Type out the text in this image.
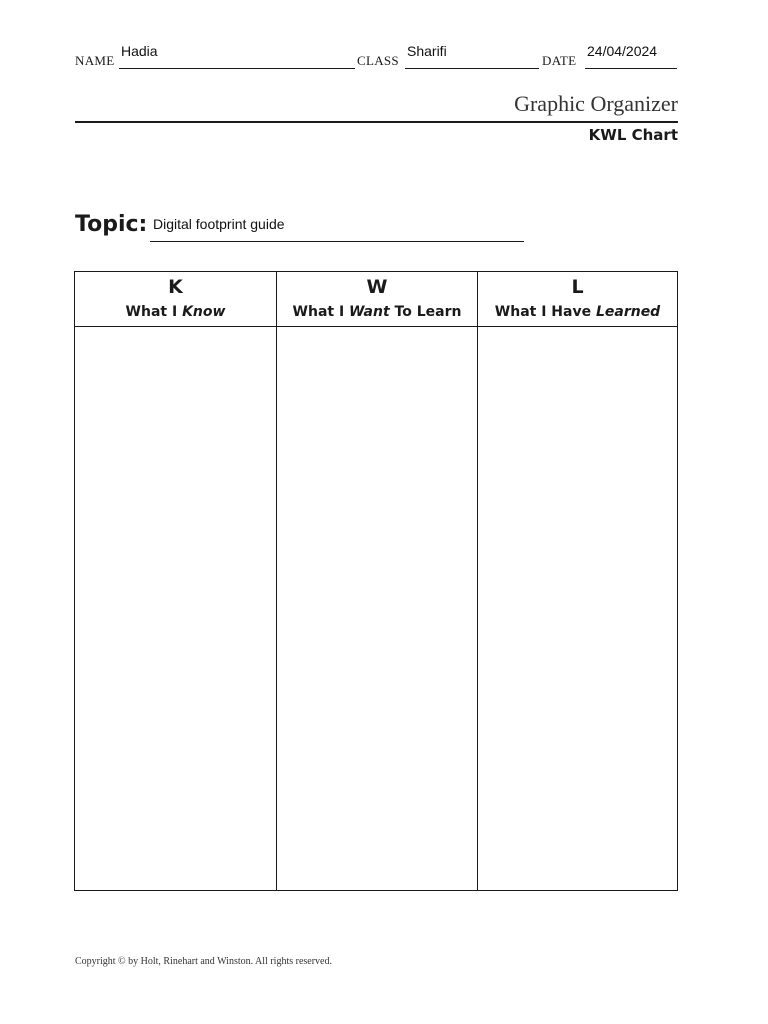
NAME
Hadia
CLASS
Sharifi
DATE
24/04/2024
Graphic Organizer
KWL Chart
Topic: Digital footprint guide
K
What I Know
W
What I Want To Learn
L
What I Have Learned
Copyright © by Holt, Rinehart and Winston. All rights reserved.
